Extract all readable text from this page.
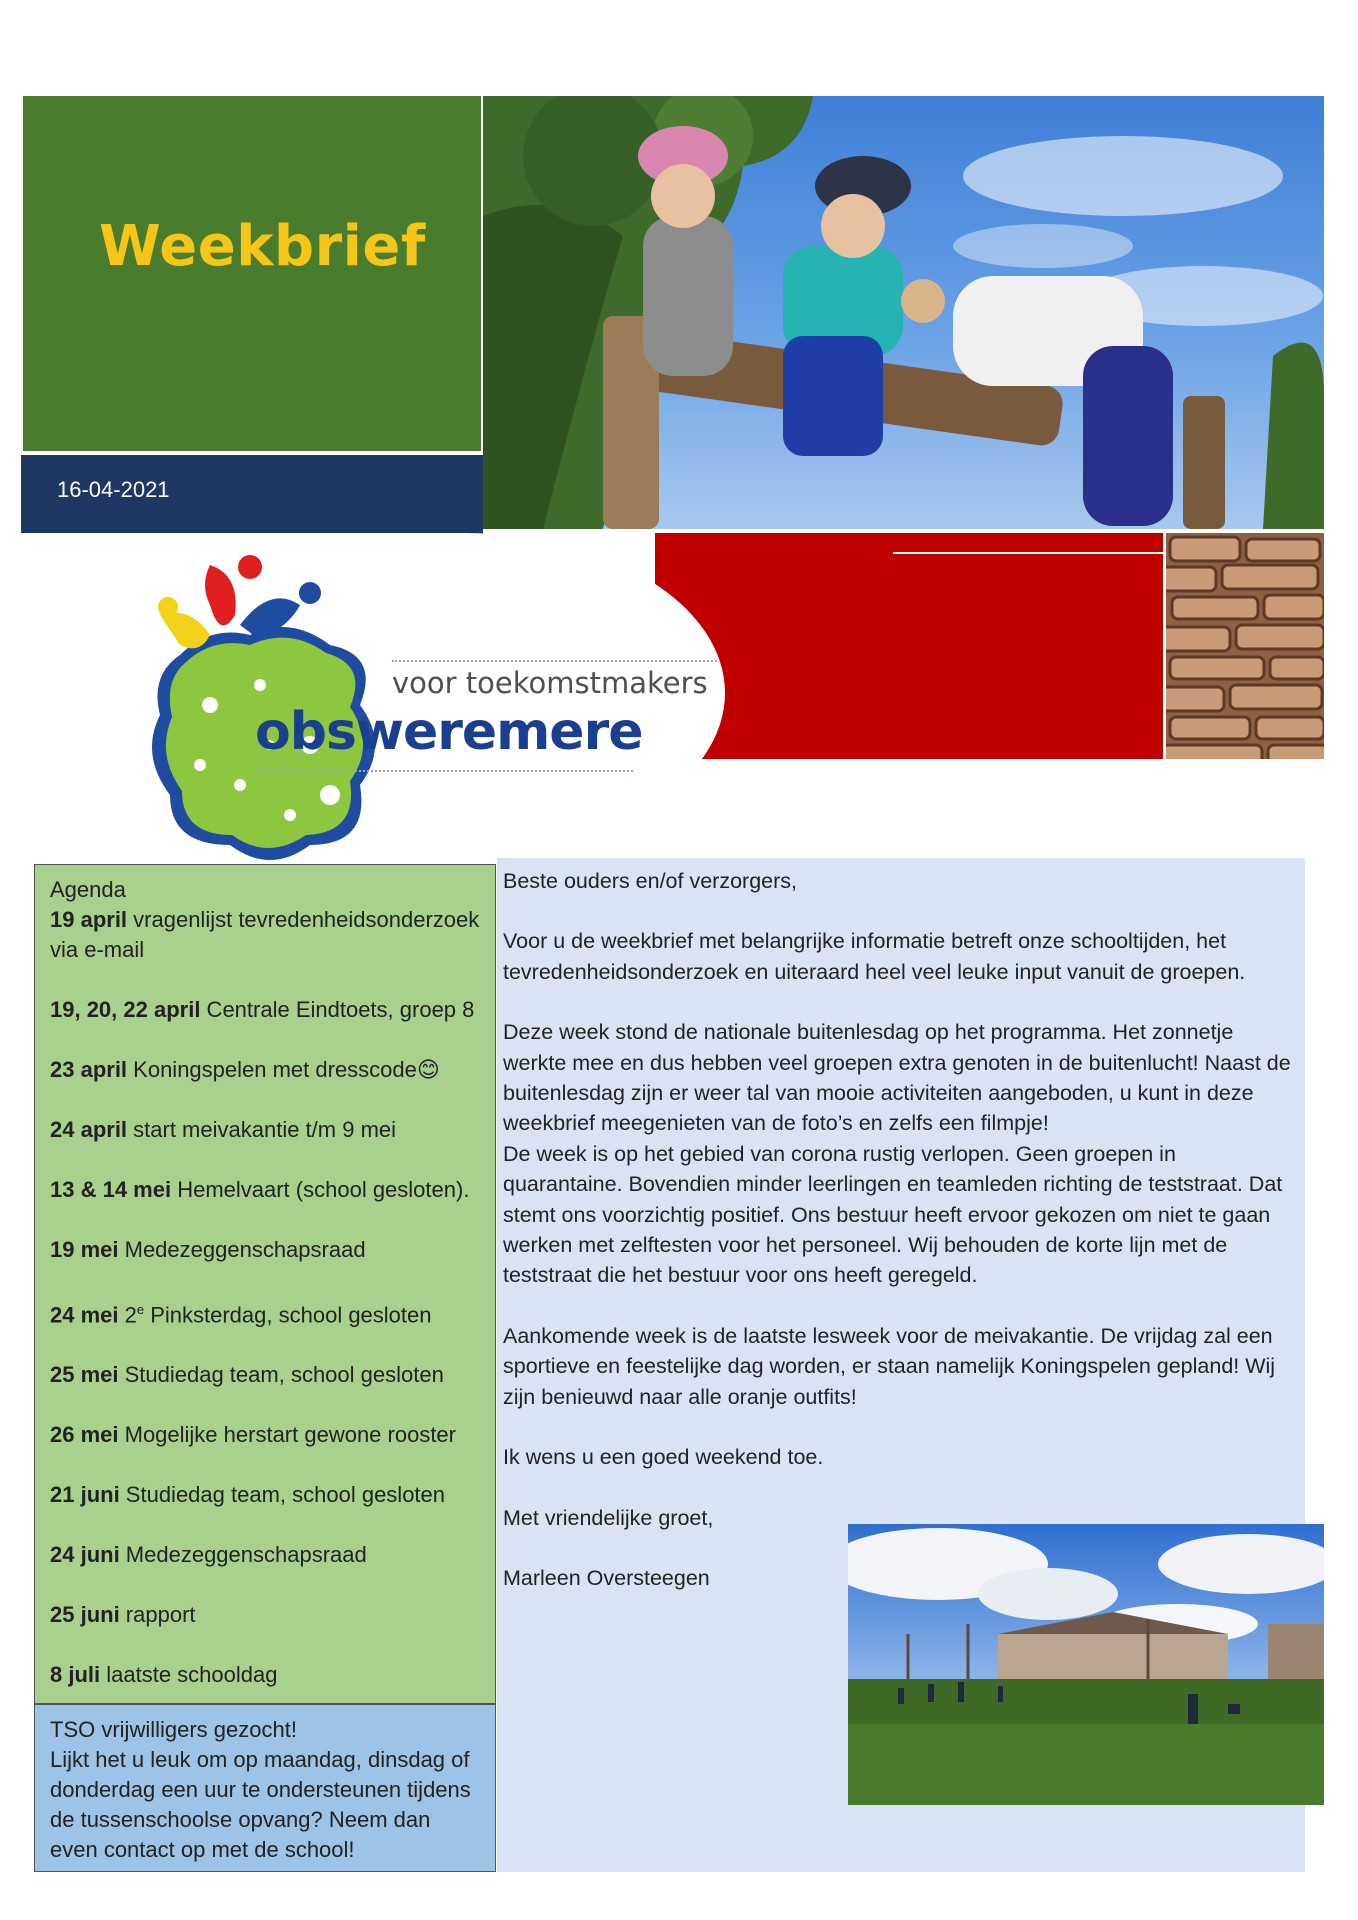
Weekbrief
16-04-2021
voor toekomstmakers
obsweremere
Agenda
19 april vragenlijst tevredenheidsonderzoek via e-mail
19, 20, 22 april Centrale Eindtoets, groep 8
23 april Koningspelen met dresscode😊
24 april start meivakantie t/m 9 mei
13 & 14 mei Hemelvaart (school gesloten).
19 mei Medezeggenschapsraad
24 mei 2e Pinksterdag, school gesloten
25 mei Studiedag team, school gesloten
26 mei Mogelijke herstart gewone rooster
21 juni Studiedag team, school gesloten
24 juni Medezeggenschapsraad
25 juni rapport
8 juli laatste schooldag
TSO vrijwilligers gezocht!
Lijkt het u leuk om op maandag, dinsdag of donderdag een uur te ondersteunen tijdens de tussenschoolse opvang? Neem dan even contact op met de school!

Beste ouders en/of verzorgers,

Voor u de weekbrief met belangrijke informatie betreft onze schooltijden, het tevredenheidsonderzoek en uiteraard heel veel leuke input vanuit de groepen.

Deze week stond de nationale buitenlesdag op het programma. Het zonnetje werkte mee en dus hebben veel groepen extra genoten in de buitenlucht! Naast de buitenlesdag zijn er weer tal van mooie activiteiten aangeboden, u kunt in deze weekbrief meegenieten van de foto’s en zelfs een filmpje!

De week is op het gebied van corona rustig verlopen. Geen groepen in quarantaine. Bovendien minder leerlingen en teamleden richting de teststraat. Dat stemt ons voorzichtig positief. Ons bestuur heeft ervoor gekozen om niet te gaan werken met zelftesten voor het personeel. Wij behouden de korte lijn met de teststraat die het bestuur voor ons heeft geregeld.

Aankomende week is de laatste lesweek voor de meivakantie. De vrijdag zal een sportieve en feestelijke dag worden, er staan namelijk Koningspelen gepland! Wij zijn benieuwd naar alle oranje outfits!

Ik wens u een goed weekend toe.

Met vriendelijke groet,

Marleen Oversteegen
